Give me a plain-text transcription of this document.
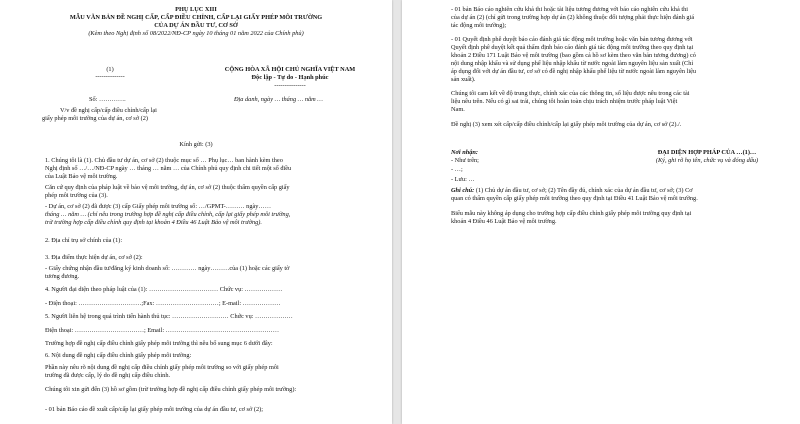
PHỤ LỤC XIII
MẪU VĂN BẢN ĐỀ NGHỊ CẤP, CẤP ĐIỀU CHỈNH, CẤP LẠI GIẤY PHÉP MÔI TRƯỜNG
CỦA DỰ ÁN ĐẦU TƯ, CƠ SỞ
(Kèm theo Nghị định số 08/2022/NĐ-CP ngày 10 tháng 01 năm 2022 của Chính phủ)
(1)
--------------
Số: ………….
V/v đề nghị cấp/cấp điều chỉnh/cấp lại
giấy phép môi trường của dự án, cơ sở (2)
CỘNG HÒA XÃ HỘI CHỦ NGHĨA VIỆT NAM
Độc lập - Tự do - Hạnh phúc
---------------
Địa danh, ngày … tháng … năm …
Kính gửi: (3)
1. Chúng tôi là (1). Chủ đầu tư dự án, cơ sở (2) thuộc mục số … Phụ lục… ban hành kèm theo
Nghị định số …/…/NĐ-CP ngày … tháng … năm … của Chính phủ quy định chi tiết một số điều
của Luật Bảo vệ môi trường.
Căn cứ quy định của pháp luật về bảo vệ môi trường, dự án, cơ sở (2) thuộc thẩm quyền cấp giấy
phép môi trường của (3).
- Dự án, cơ sở (2) đã được (3) cấp Giấy phép môi trường số: …/GPMT-……… ngày……
tháng … năm … (chỉ nêu trong trường hợp đề nghị cấp điều chỉnh, cấp lại giấy phép môi trường,
trừ trường hợp cấp điều chỉnh quy định tại khoản 4 Điều 46 Luật Bảo vệ môi trường).
2. Địa chỉ trụ sở chính của (1):
3. Địa điểm thực hiện dự án, cơ sở (2):
- Giấy chứng nhận đầu tư/đăng ký kinh doanh số: ………… ngày………của (1) hoặc các giấy tờ
tương đương.
4. Người đại diện theo pháp luật của (1): …………………………… Chức vụ: ………………
- Điện thoại: …………………………;Fax: …………………………; E-mail: ………………
5. Người liên hệ trong quá trình tiến hành thủ tục: ……………………… Chức vụ: ………………
Điện thoại: ……………………………; Email: ………………………………………………
Trường hợp đề nghị cấp điều chỉnh giấy phép môi trường thì nêu bổ sung mục 6 dưới đây:
6. Nội dung đề nghị cấp điều chỉnh giấy phép môi trường:
Phần này nêu rõ nội dung đề nghị cấp điều chỉnh giấy phép môi trường so với giấy phép môi
trường đã được cấp, lý do đề nghị cấp điều chỉnh.
Chúng tôi xin gửi đến (3) hồ sơ gồm (trừ trường hợp đề nghị cấp điều chỉnh giấy phép môi trường):
- 01 bản Báo cáo đề xuất cấp/cấp lại giấy phép môi trường của dự án đầu tư, cơ sở (2);
- 01 bản Báo cáo nghiên cứu khả thi hoặc tài liệu tương đương với báo cáo nghiên cứu khả thi
của dự án (2) (chỉ gửi trong trường hợp dự án (2) không thuộc đối tượng phải thực hiện đánh giá
tác động môi trường);
- 01 Quyết định phê duyệt báo cáo đánh giá tác động môi trường hoặc văn bản tương đương với
Quyết định phê duyệt kết quả thẩm định báo cáo đánh giá tác động môi trường theo quy định tại
khoản 2 Điều 171 Luật Bảo vệ môi trường (bao gồm cả hồ sơ kèm theo văn bản tương đương) có
nội dung nhập khẩu và sử dụng phế liệu nhập khẩu từ nước ngoài làm nguyên liệu sản xuất (Chỉ
áp dụng đối với dự án đầu tư, cơ sở có đề nghị nhập khẩu phế liệu từ nước ngoài làm nguyên liệu
sản xuất).
Chúng tôi cam kết về độ trung thực, chính xác của các thông tin, số liệu được nêu trong các tài
liệu nêu trên. Nếu có gì sai trái, chúng tôi hoàn toàn chịu trách nhiệm trước pháp luật Việt
Nam.
Đề nghị (3) xem xét cấp/cấp điều chỉnh/cấp lại giấy phép môi trường của dự án, cơ sở (2)./.
Nơi nhận:
- Như trên;
- …;
- Lưu: …
ĐẠI DIỆN HỢP PHÁP CỦA …(1)…
(Ký, ghi rõ họ tên, chức vụ và đóng dấu)
Ghi chú: (1) Chủ dự án đầu tư, cơ sở; (2) Tên đầy đủ, chính xác của dự án đầu tư, cơ sở; (3) Cơ
quan có thẩm quyền cấp giấy phép môi trường theo quy định tại Điều 41 Luật Bảo vệ môi trường.
Biểu mẫu này không áp dụng cho trường hợp cấp điều chỉnh giấy phép môi trường quy định tại
khoản 4 Điều 46 Luật Bảo vệ môi trường.
